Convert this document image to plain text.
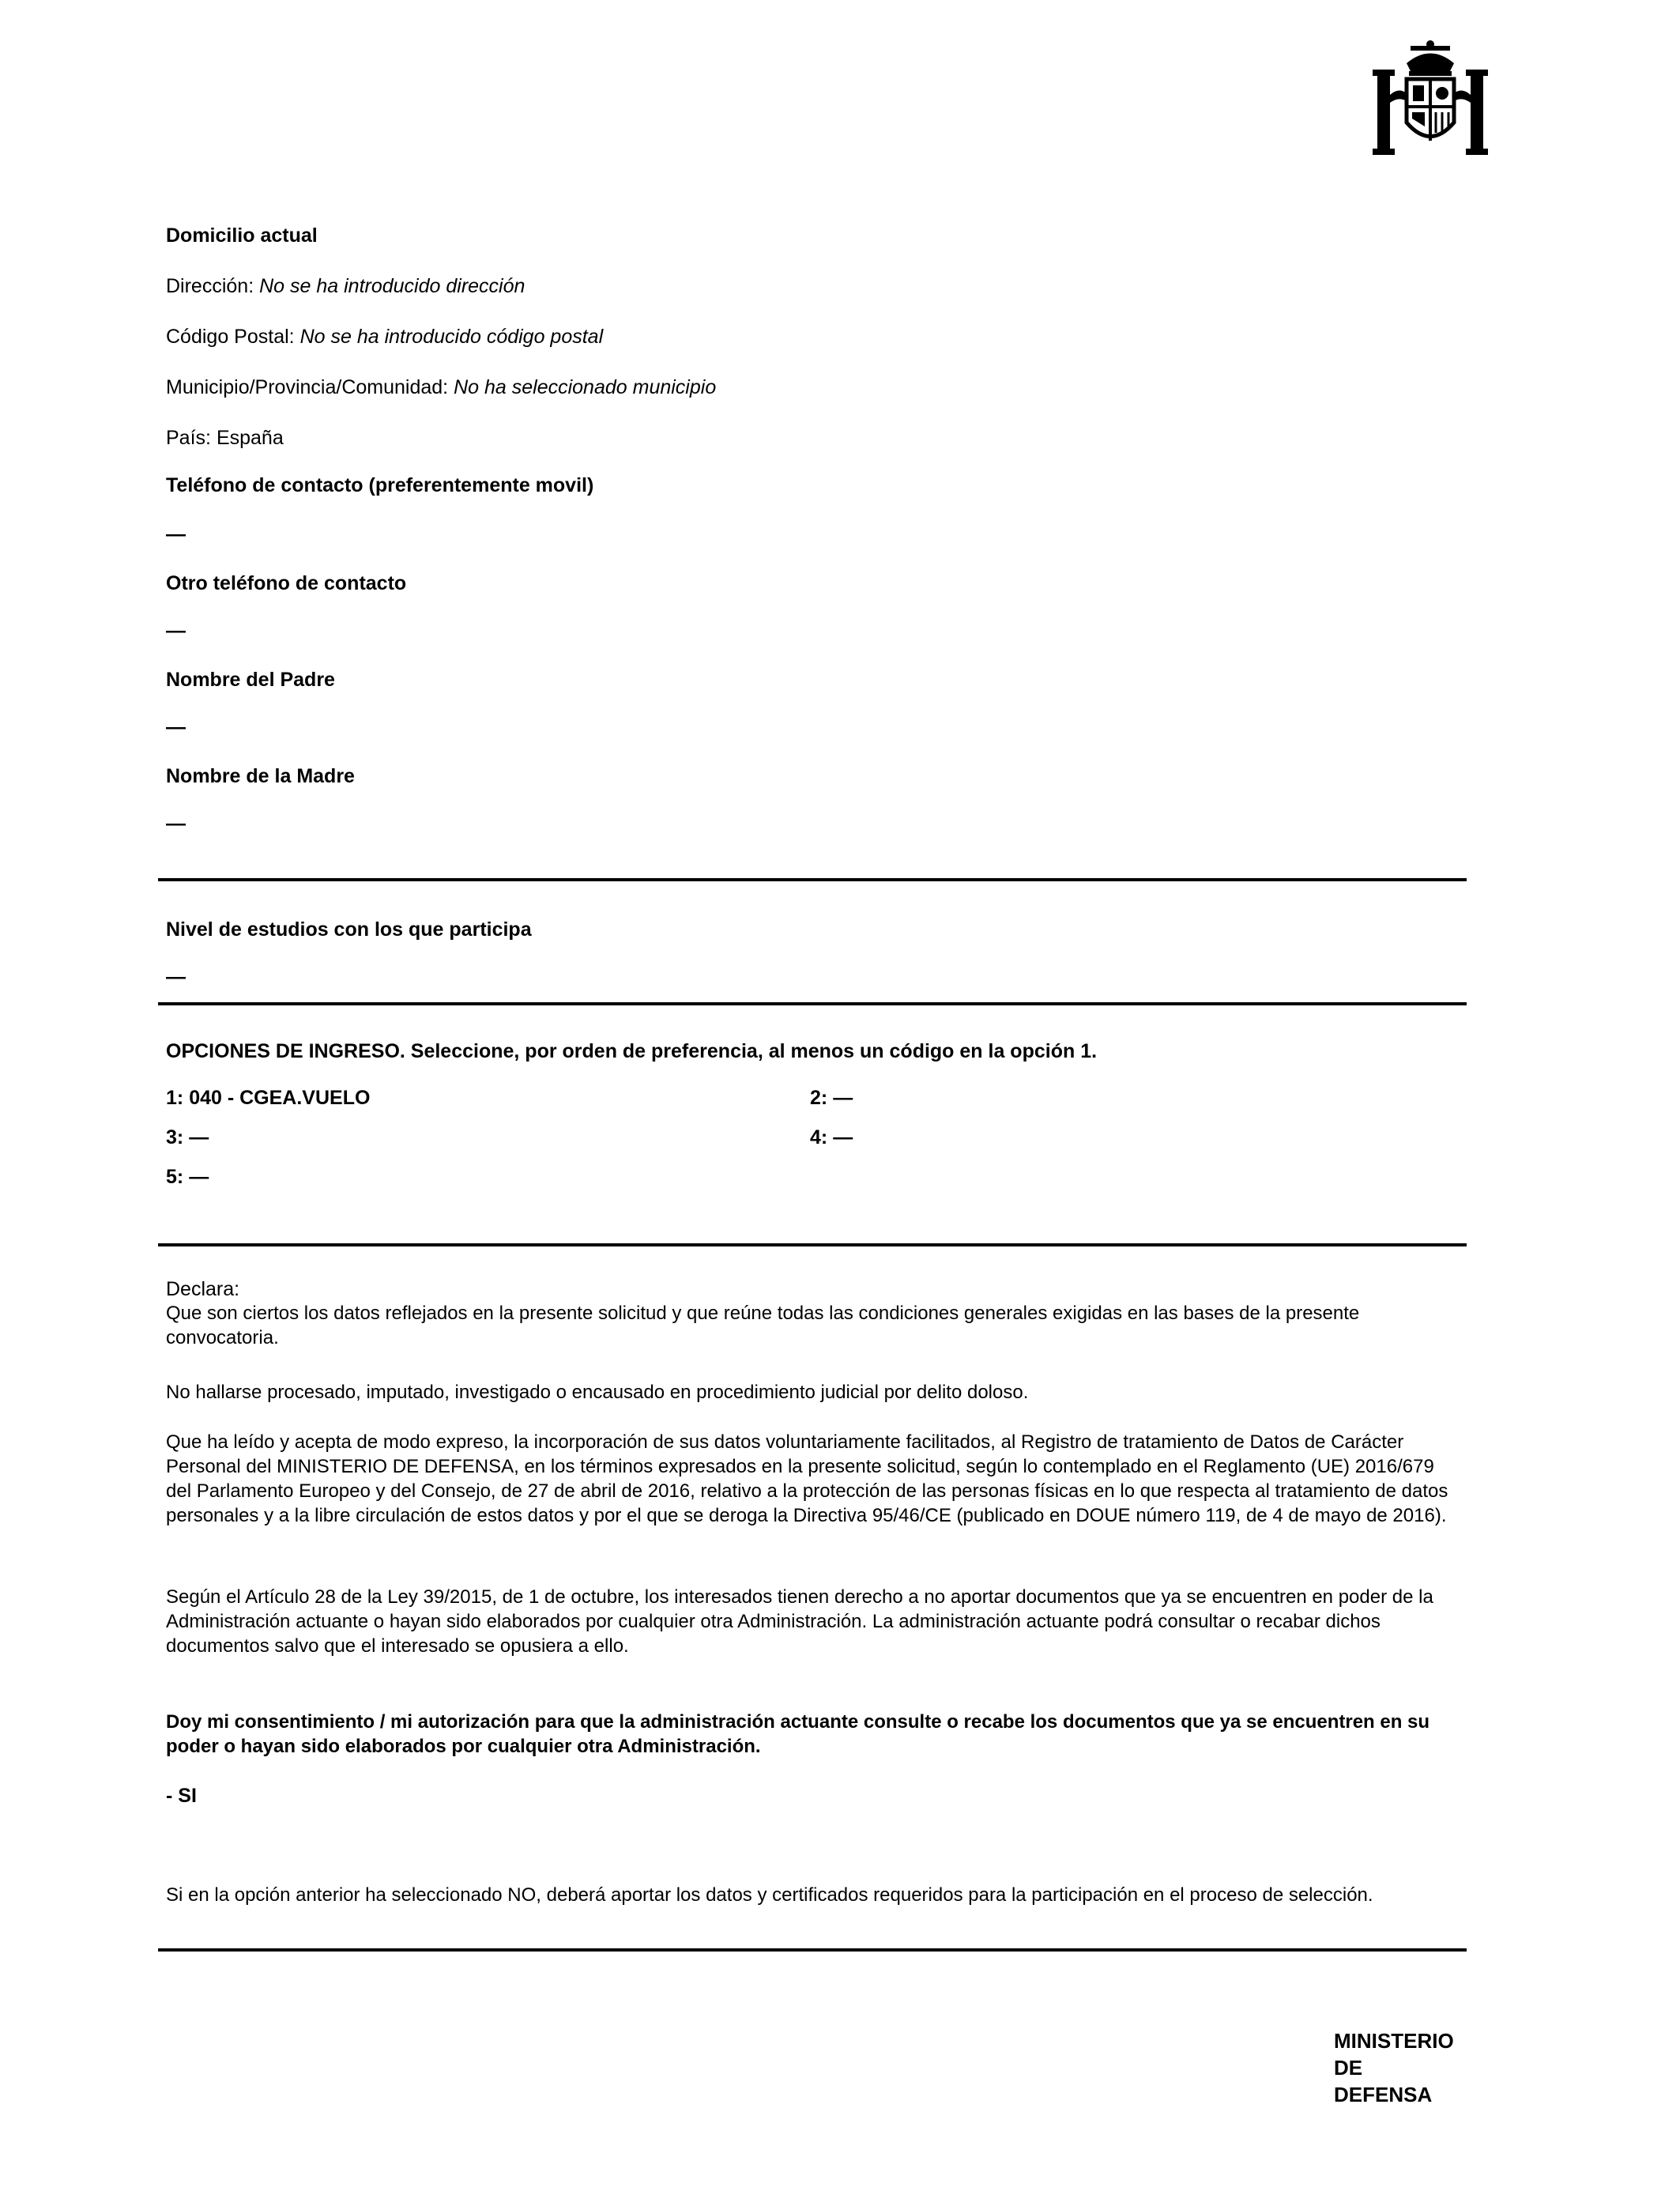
Domicilio actual
Dirección: No se ha introducido dirección
Código Postal: No se ha introducido código postal
Municipio/Provincia/Comunidad: No ha seleccionado municipio
País: España
Teléfono de contacto (preferentemente movil)
—
Otro teléfono de contacto
—
Nombre del Padre
—
Nombre de la Madre
—
Nivel de estudios con los que participa
—
OPCIONES DE INGRESO. Seleccione, por orden de preferencia, al menos un código en la opción 1.
1: 040 - CGEA.VUELO	2: —
3: —	4: —
5: —
Declara:
Que son ciertos los datos reflejados en la presente solicitud y que reúne todas las condiciones generales exigidas en las bases de la presente convocatoria.
No hallarse procesado, imputado, investigado o encausado en procedimiento judicial por delito doloso.
Que ha leído y acepta de modo expreso, la incorporación de sus datos voluntariamente facilitados, al Registro de tratamiento de Datos de Carácter Personal del MINISTERIO DE DEFENSA, en los términos expresados en la presente solicitud, según lo contemplado en el Reglamento (UE) 2016/679 del Parlamento Europeo y del Consejo, de 27 de abril de 2016, relativo a la protección de las personas físicas en lo que respecta al tratamiento de datos personales y a la libre circulación de estos datos y por el que se deroga la Directiva 95/46/CE (publicado en DOUE número 119, de 4 de mayo de 2016).
Según el Artículo 28 de la Ley 39/2015, de 1 de octubre, los interesados tienen derecho a no aportar documentos que ya se encuentren en poder de la Administración actuante o hayan sido elaborados por cualquier otra Administración. La administración actuante podrá consultar o recabar dichos documentos salvo que el interesado se opusiera a ello.
Doy mi consentimiento / mi autorización para que la administración actuante consulte o recabe los documentos que ya se encuentren en su poder o hayan sido elaborados por cualquier otra Administración.
- SI
Si en la opción anterior ha seleccionado NO, deberá aportar los datos y certificados requeridos para la participación en el proceso de selección.
MINISTERIO
DE
DEFENSA
